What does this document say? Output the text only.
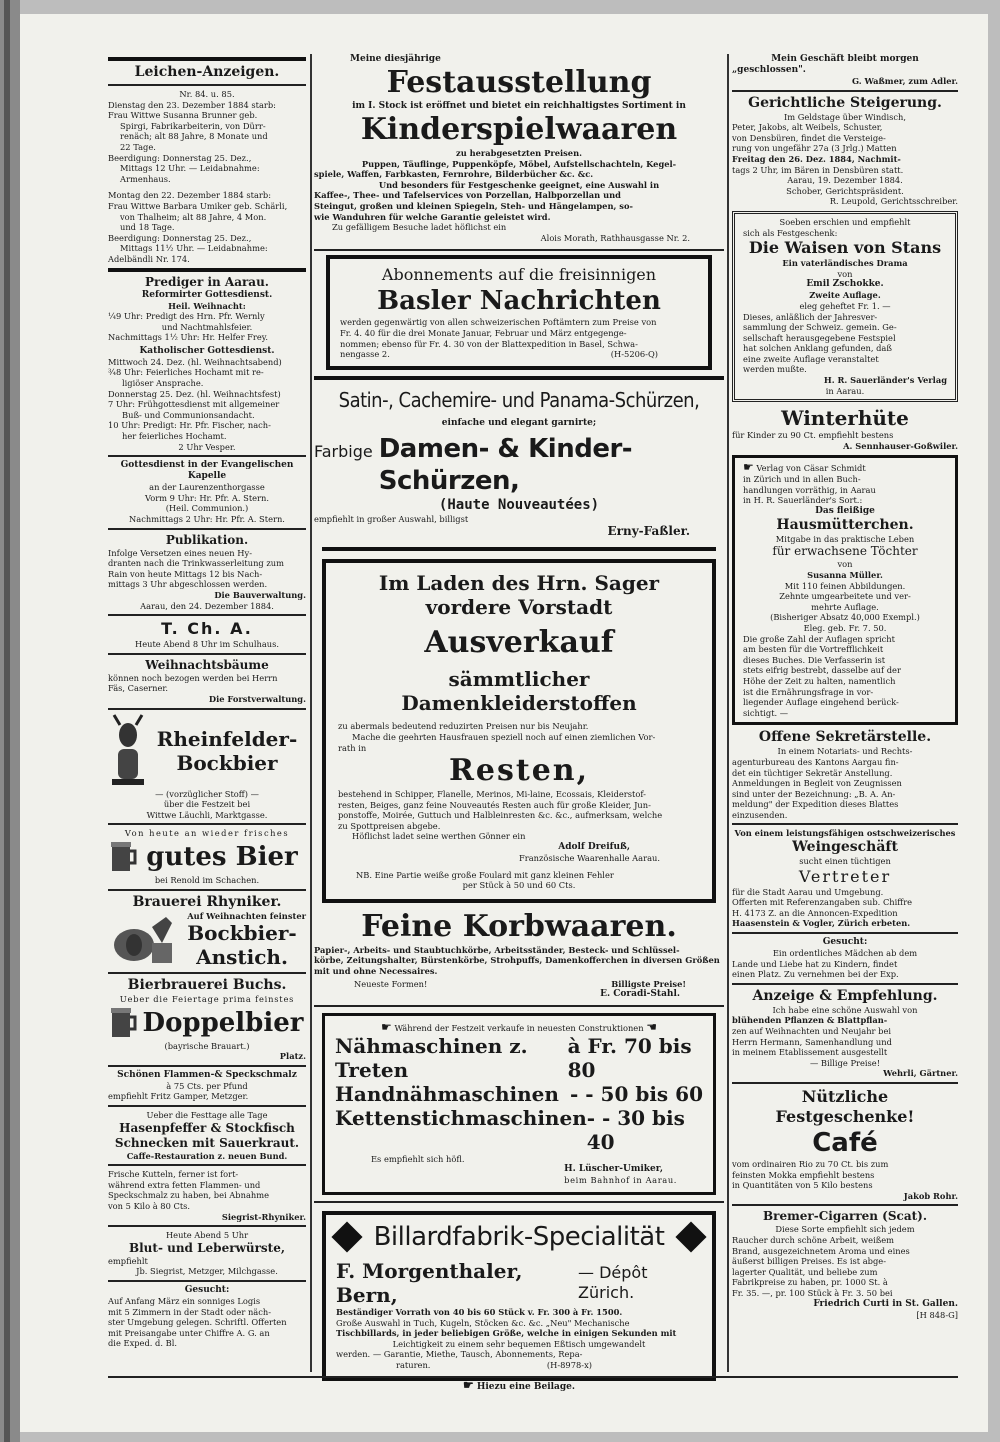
Leichen-Anzeigen.
Nr. 84. u. 85.

Dienstag den 23. Dezember 1884 starb:

Frau Wittwe Susanna Brunner geb.

Spirgi, Fabrikarbeiterin, von Dürr-

renäch; alt 88 Jahre, 8 Monate und

22 Tage.

Beerdigung: Donnerstag 25. Dez.,

Mittags 12 Uhr. — Leidabnahme:

Armenhaus.

Montag den 22. Dezember 1884 starb:

Frau Wittwe Barbara Umiker geb. Schärli,

von Thalheim; alt 88 Jahre, 4 Mon.

und 18 Tage.

Beerdigung: Donnerstag 25. Dez.,

Mittags 11½ Uhr. — Leidabnahme:

Adelbändli Nr. 174.

Prediger in Aarau.
Reformirter Gottesdienst.
Heil. Weihnacht:

¼9 Uhr: Predigt des Hrn. Pfr. Wernly

und Nachtmahlsfeier.

Nachmittags 1½ Uhr: Hr. Helfer Frey.

Katholischer Gottesdienst.

Mittwoch 24. Dez. (hl. Weihnachtsabend)

¾8 Uhr: Feierliches Hochamt mit re-

ligiöser Ansprache.

Donnerstag 25. Dez. (hl. Weihnachtsfest)

7 Uhr: Frühgottesdienst mit allgemeiner

Buß- und Communionsandacht.

10 Uhr: Predigt: Hr. Pfr. Fischer, nach-

her feierliches Hochamt.

2 Uhr Vesper.

Gottesdienst in der Evangelischen Kapelle

an der Laurenzenthorgasse

Vorm 9 Uhr: Hr. Pfr. A. Stern.

(Heil. Communion.)

Nachmittags 2 Uhr: Hr. Pfr. A. Stern.

Publikation.

Infolge Versetzen eines neuen Hy-

dranten nach die Trinkwasserleitung zum

Rain von heute Mittags 12 bis Nach-

mittags 3 Uhr abgeschlossen werden.

Die Bauverwaltung.
Aarau, den 24. Dezember 1884.
T. Ch. A.
Heute Abend 8 Uhr im Schulhaus.
Weihnachtsbäume

können noch bezogen werden bei Herrn

Fäs, Caserner.

Die Forstverwaltung.
Rheinfelder-
Bockbier

— (vorzüglicher Stoff) —

über die Festzeit bei

Wittwe Läuchli, Marktgasse.

Von heute an wieder frisches
gutes Bier
bei Renold im Schachen.
Brauerei Rhyniker.
Auf Weihnachten feinster
Bockbier-
Anstich.
Bierbrauerei Buchs.
Ueber die Feiertage prima feinstes
Doppelbier
(bayrische Brauart.)
Platz.
Schönen Flammen-& Speckschmalz

à 75 Cts. per Pfund

empfiehlt Fritz Gamper, Metzger.

Ueber die Festtage alle Tage
Hasenpfeffer & Stockfisch
Schnecken mit Sauerkraut.
Caffe-Restauration z. neuen Bund.

Frische Kutteln, ferner ist fort-

während extra fetten Flammen- und

Speckschmalz zu haben, bei Abnahme

von 5 Kilo à 80 Cts.

Siegrist-Rhyniker.
Heute Abend 5 Uhr
Blut- und Leberwürste,

empfiehlt

Jb. Siegrist, Metzger, Milchgasse.

Gesucht:

Auf Anfang März ein sonniges Logis

mit 5 Zimmern in der Stadt oder näch-

ster Umgebung gelegen. Schriftl. Offerten

mit Preisangabe unter Chiffre A. G. an

die Exped. d. Bl.

Meine diesjährige
Festausstellung
im I. Stock ist eröffnet und bietet ein reichhaltigstes Sortiment in
Kinderspielwaaren
zu herabgesetzten Preisen.

Puppen, Täuflinge, Puppenköpfe, Möbel, Aufstellschachteln, Kegel-

spiele, Waffen, Farbkasten, Fernrohre, Bilderbücher &c. &c.

Und besonders für Festgeschenke geeignet, eine Auswahl in

Kaffee-, Thee- und Tafelservices von Porzellan, Halbporzellan und

Steingut, großen und kleinen Spiegeln, Steh- und Hängelampen, so-

wie Wanduhren für welche Garantie geleistet wird.

Zu gefälligem Besuche ladet höflichst ein
Alois Morath, Rathhausgasse Nr. 2.
Abonnements auf die freisinnigen
Basler Nachrichten

werden gegenwärtig von allen schweizerischen Poftämtern zum Preise von

Fr. 4. 40 für die drei Monate Januar, Februar und März entgegenge-

nommen; ebenso für Fr. 4. 30 von der Blattexpedition in Basel, Schwa-

nengasse 2.	(H-5206-Q)

Satin-, Cachemire- und Panama-Schürzen,
einfache und elegant garnirte;
Farbige Damen- & Kinder-Schürzen,
(Haute Nouveautées)
empfiehlt in großer Auswahl, billigst
Erny-Faßler.
Im Laden des Hrn. Sager vordere Vorstadt
Ausverkauf
sämmtlicher Damenkleiderstoffen

zu abermals bedeutend reduzirten Preisen nur bis Neujahr.

Mache die geehrten Hausfrauen speziell noch auf einen ziemlichen Vor-

rath in

Resten,

bestehend in Schipper, Flanelle, Merinos, Mi-laine, Ecossais, Kleiderstof-

resten, Beiges, ganz feine Nouveautés Resten auch für große Kleider, Jun-

ponstoffe, Moirée, Guttuch und Halbleinresten &c. &c., aufmerksam, welche

zu Spottpreisen abgebe.

Höflichst ladet seine werthen Gönner ein

Adolf Dreifuß,
Französische Waarenhalle Aarau.

NB. Eine Partie weiße große Foulard mit ganz kleinen Fehler

per Stück à 50 und 60 Cts.

Feine Korbwaaren.

Papier-, Arbeits- und Staubtuchkörbe, Arbeitsständer, Besteck- und Schlüssel-

körbe, Zeitungshalter, Bürstenkörbe, Strohpuffs, Damenkofferchen in diversen Größen

mit und ohne Necessaires.

Neueste Formen!	Billigste Preise!
E. Coradi-Stahl.
☛ Während der Festzeit verkaufe in neuesten Construktionen ☚
Nähmaschinen z. Treten
à Fr. 70 bis 80
Handnähmaschinen - - 50 bis 60
Kettenstichmaschinen - - 30 bis 40
Es empfiehlt sich höfl.
H. Lüscher-Umiker,
beim Bahnhof in Aarau.
Billardfabrik-Specialität
F. Morgenthaler, Bern,
— Dépôt Zürich.

Beständiger Vorrath von 40 bis 60 Stück v. Fr. 300 à Fr. 1500.

Große Auswahl in Tuch, Kugeln, Stöcken &c. &c. „Neu" Mechanische

Tischbillards, in jeder beliebigen Größe, welche in einigen Sekunden mit

Leichtigkeit zu einem sehr bequemen Eßtisch umgewandelt

werden. — Garantie, Miethe, Tausch, Abonnements, Repa-

raturen.	(H-8978-x)

☛ Hiezu eine Beilage.

Mein Geschäft bleibt morgen

„geschlossen".

G. Waßmer, zum Adler.
Gerichtliche Steigerung.

Im Geldstage über Windisch,

Peter, Jakobs, alt Weibels, Schuster,

von Densbüren, findet die Versteige-

rung von ungefähr 27a (3 Jrlg.) Matten

Freitag den 26. Dez. 1884, Nachmit-

tags 2 Uhr, im Bären in Densbüren statt.

Aarau, 19. Dezember 1884.

Schober, Gerichtspräsident.

R. Leupold, Gerichtsschreiber.

Soeben erschien und empfiehlt
sich als Festgeschenk:
Die Waisen von Stans
Ein vaterländisches Drama
von
Emil Zschokke.
Zweite Auflage.

eleg geheftet Fr. 1. —

Dieses, anläßlich der Jahresver-

sammlung der Schweiz. gemein. Ge-

sellschaft herausgegebene Festspiel

hat solchen Anklang gefunden, daß

eine zweite Auflage veranstaltet

werden mußte.

H. R. Sauerländer's Verlag
in Aarau.
Winterhüte
für Kinder zu 90 Ct. empfiehlt bestens
A. Sennhauser-Goßwiler.

☛ Verlag von Cäsar Schmidt

in Zürich und in allen Buch-

handlungen vorräthig, in Aarau

in H. R. Sauerländer's Sort.:

Das fleißige
Hausmütterchen.
Mitgabe in das praktische Leben
für erwachsene Töchter
von
Susanna Müller.

Mit 110 feinen Abbildungen.

Zehnte umgearbeitete und ver-

mehrte Auflage.

(Bisheriger Absatz 40,000 Exempl.)

Eleg. geb. Fr. 7. 50.

Die große Zahl der Auflagen spricht

am besten für die Vortrefflichkeit

dieses Buches. Die Verfasserin ist

stets eifrig bestrebt, dasselbe auf der

Höhe der Zeit zu halten, namentlich

ist die Ernährungsfrage in vor-

liegender Auflage eingehend berück-

sichtigt. —

Offene Sekretärstelle.

In einem Notariats- und Rechts-

agenturbureau des Kantons Aargau fin-

det ein tüchtiger Sekretär Anstellung.

Anmeldungen in Begleit von Zeugnissen

sind unter der Bezeichnung: „B. A. An-

meldung" der Expedition dieses Blattes

einzusenden.

Von einem leistungsfähigen ostschweizerisches
Weingeschäft
sucht einen tüchtigen
Vertreter

für die Stadt Aarau und Umgebung.

Offerten mit Referenzangaben sub. Chiffre

H. 4173 Z. an die Annoncen-Expedition

Haasenstein & Vogler, Zürich erbeten.

Gesucht:

Ein ordentliches Mädchen ab dem

Lande und Liebe hat zu Kindern, findet

einen Platz. Zu vernehmen bei der Exp.

Anzeige & Empfehlung.

Ich habe eine schöne Auswahl von

blühenden Pflanzen & Blattpflan-

zen auf Weihnachten und Neujahr bei

Herrn Hermann, Samenhandlung und

in meinem Etablissement ausgestellt

— Billige Preise!

Wehrli, Gärtner.
Nützliche Festgeschenke!
Café

vom ordinairen Rio zu 70 Ct. bis zum

feinsten Mokka empfiehlt bestens

in Quantitäten von 5 Kilo bestens

Jakob Rohr.
Bremer-Cigarren (Scat).

Diese Sorte empfiehlt sich jedem

Raucher durch schöne Arbeit, weißem

Brand, ausgezeichnetem Aroma und eines

äußerst billigen Preises. Es ist abge-

lagerter Qualität, und beliebe zum

Fabrikpreise zu haben, pr. 1000 St. à

Fr. 35. —, pr. 100 Stück à Fr. 3. 50 bei

Friedrich Curti in St. Gallen.
[H 848-G]
